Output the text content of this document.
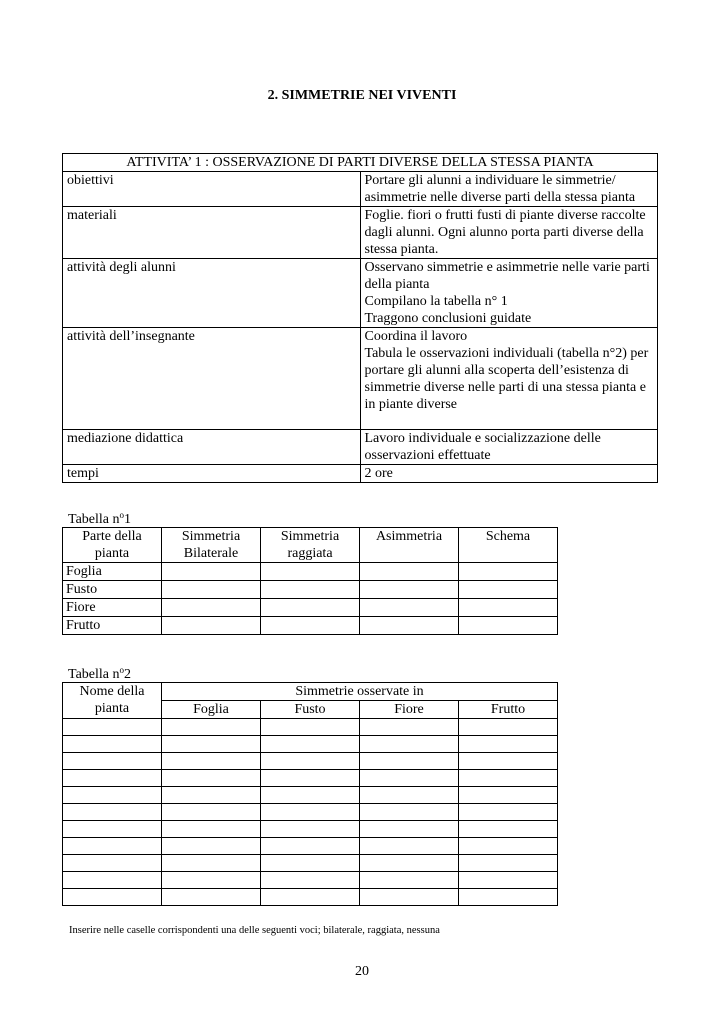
2. SIMMETRIE NEI VIVENTI
ATTIVITA’ 1 : OSSERVAZIONE DI PARTI DIVERSE DELLA STESSA PIANTA	
obiettivi	Portare gli alunni a individuare le simmetrie/ asimmetrie nelle diverse parti della stessa pianta
materiali	Foglie. fiori o frutti fusti di piante diverse raccolte dagli alunni. Ogni alunno porta parti diverse della stessa pianta.
attività degli alunni	Osservano simmetrie e asimmetrie nelle varie parti della pianta
Compilano la tabella n° 1
Traggono conclusioni guidate

attività dell’insegnante	Coordina il lavoro
Tabula le osservazioni individuali (tabella n°2) per portare gli alunni alla scoperta dell’esistenza di simmetrie diverse nelle parti di una stessa pianta e in piante diverse

mediazione didattica	Lavoro individuale e socializzazione delle osservazioni effettuate
tempi	2 ore
Tabella $n^o1$
Parte della pianta	Simmetria Bilaterale	Simmetria raggiata	Asimmetria	Schema
Foglia				
Fusto				
Fiore				
Frutto				
Tabella $n^o2$
Nome della pianta	Simmetrie osservate in			
	Foglia	Fusto	Fiore	Frutto

Inserire nelle caselle corrispondenti una delle seguenti voci; bilaterale, raggiata, nessuna
20
